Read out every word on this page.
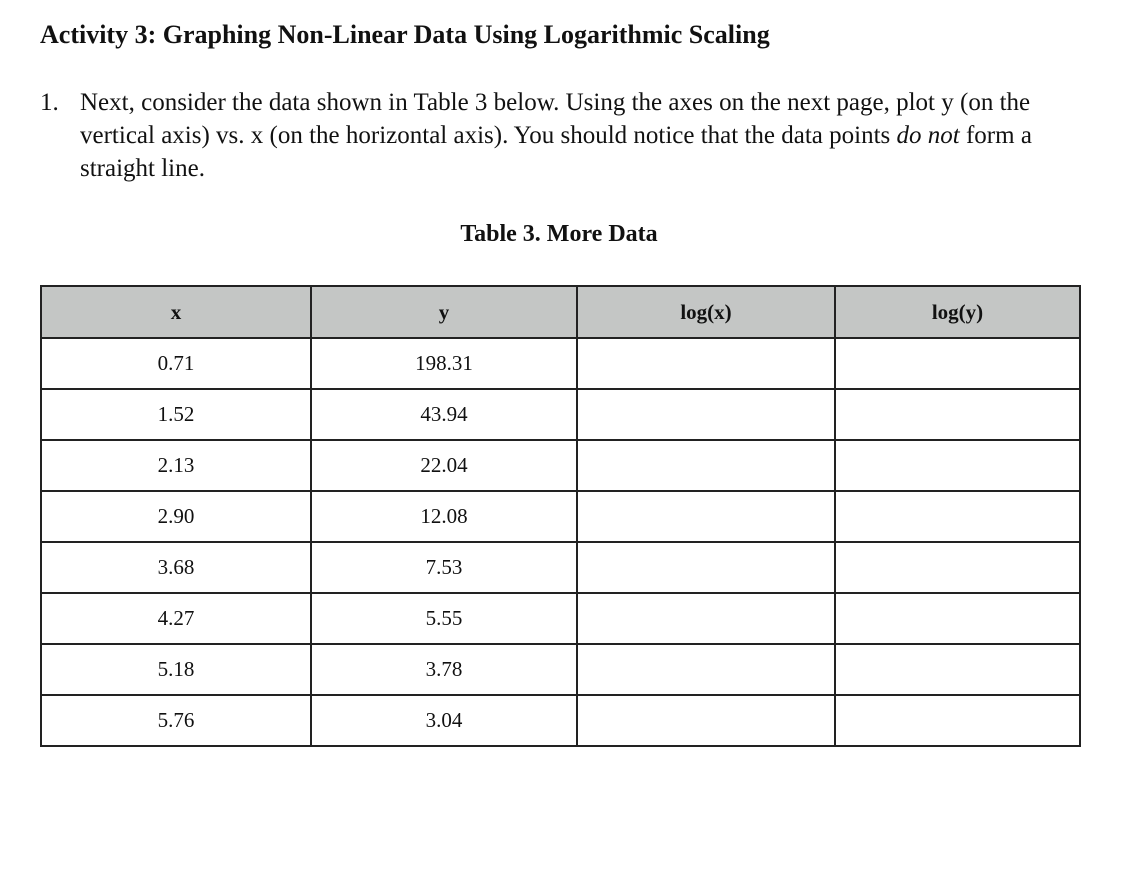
Activity 3: Graphing Non-Linear Data Using Logarithmic Scaling
1. Next, consider the data shown in Table 3 below. Using the axes on the next page, plot y (on the vertical axis) vs. x (on the horizontal axis). You should notice that the data points do not form a straight line.
Table 3. More Data
x	y	log(x)	log(y)
0.71	198.31		
1.52	43.94		
2.13	22.04		
2.90	12.08		
3.68	7.53		
4.27	5.55		
5.18	3.78		
5.76	3.04		
